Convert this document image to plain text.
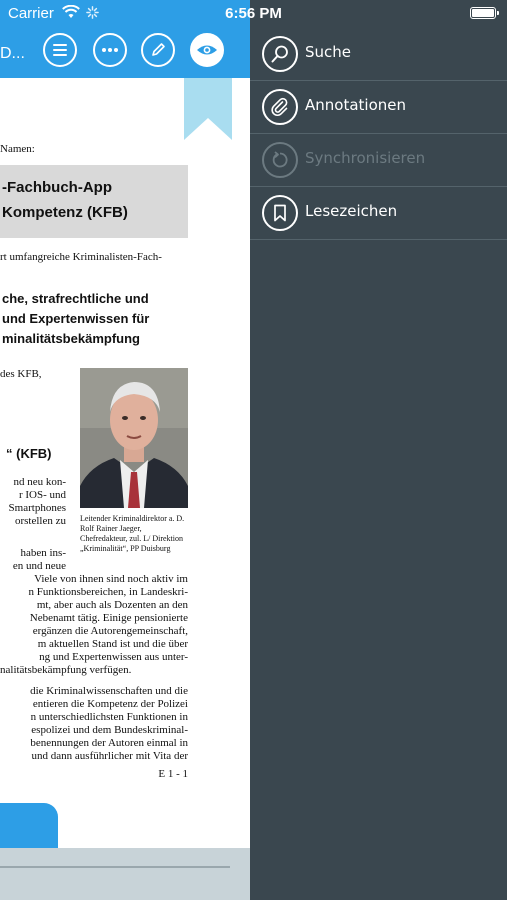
Carrier	6:56 PM
D...
Namen:
-Fachbuch-App
Kompetenz (KFB)
rt umfangreiche Kriminalisten-Fach-
che, strafrechtliche und
und Expertenwissen für
minalitätsbekämpfung
des KFB,
“ (KFB)
nd neu kon-
r IOS- und
Smartphones
orstellen zu
haben ins-
en und neue
Leitender Kriminaldirektor a. D.
Rolf Rainer Jaeger,
Chefredakteur, zul. L/ Direktion
„Kriminalität“, PP Duisburg
Viele von ihnen sind noch aktiv im
n Funktionsbereichen, in Landeskri-
mt, aber auch als Dozenten an den
Nebenamt tätig. Einige pensionierte
ergänzen die Autorengemeinschaft,
m aktuellen Stand ist und die über
ng und Expertenwissen aus unter-
nalitätsbekämpfung verfügen.
die Kriminalwissenschaften und die
entieren die Kompetenz der Polizei
n unterschiedlichsten Funktionen in
espolizei und dem Bundeskriminal-
benennungen der Autoren einmal in
und dann ausführlicher mit Vita der
E 1 - 1
Suche
Annotationen
Synchronisieren
Lesezeichen
